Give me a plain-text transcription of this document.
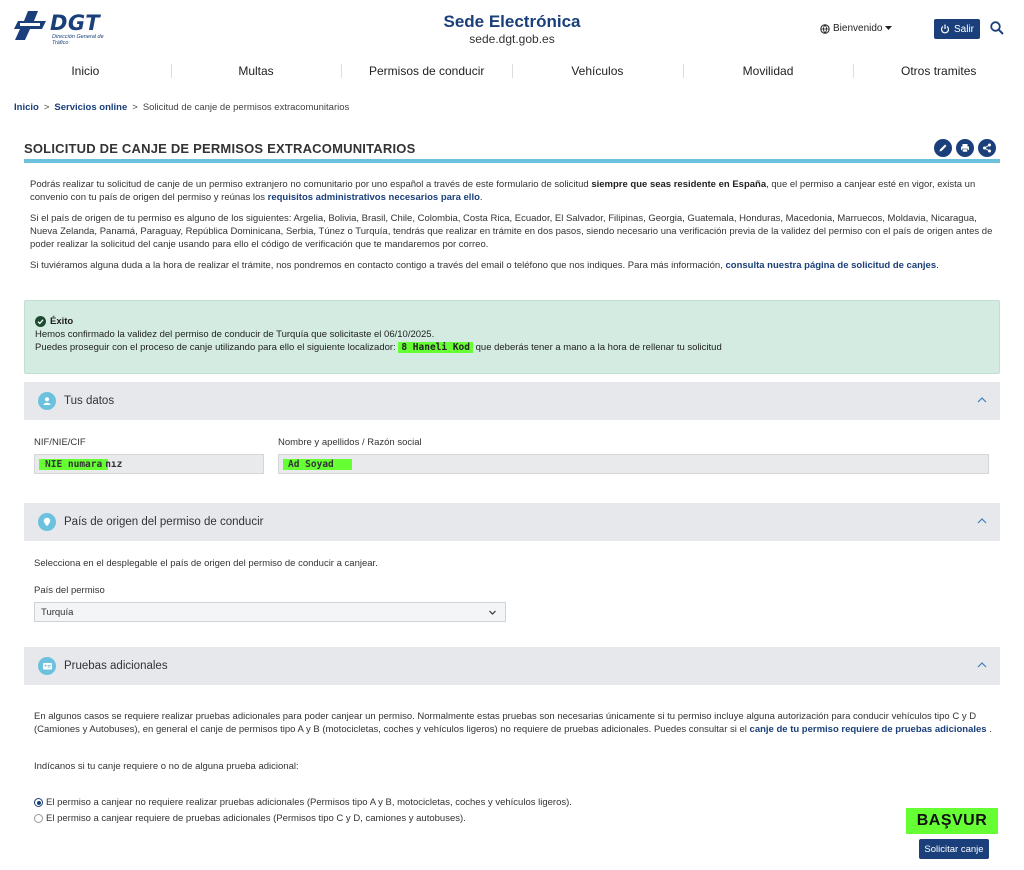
DGT
Dirección General de Tráfico
Sede Electrónica
sede.dgt.gob.es
Bienvenido	Salir
Inicio	Multas	Permisos de conducir	Vehículos	Movilidad	Otros tramites
Inicio > Servicios online > Solicitud de canje de permisos extracomunitarios
SOLICITUD DE CANJE DE PERMISOS EXTRACOMUNITARIOS

Podrás realizar tu solicitud de canje de un permiso extranjero no comunitario por uno español a través de este formulario de solicitud siempre que seas residente en España, que el permiso a canjear esté en vigor, exista un convenio con tu país de origen del permiso y reúnas los requisitos administrativos necesarios para ello.

Si el país de origen de tu permiso es alguno de los siguientes: Argelia, Bolivia, Brasil, Chile, Colombia, Costa Rica, Ecuador, El Salvador, Filipinas, Georgia, Guatemala, Honduras, Macedonia, Marruecos, Moldavia, Nicaragua, Nueva Zelanda, Panamá, Paraguay, República Dominicana, Serbia, Túnez o Turquía, tendrás que realizar en trámite en dos pasos, siendo necesario una verificación previa de la validez del permiso con el país de origen antes de poder realizar la solicitud del canje usando para ello el código de verificación que te mandaremos por correo.

Si tuviéramos alguna duda a la hora de realizar el trámite, nos pondremos en contacto contigo a través del email o teléfono que nos indiques. Para más información, consulta nuestra página de solicitud de canjes.

Éxito
Hemos confirmado la validez del permiso de conducir de Turquía que solicitaste el 06/10/2025.
Puedes proseguir con el proceso de canje utilizando para ello el siguiente localizador: 8 Haneli Kod que deberás tener a mano a la hora de rellenar tu solicitud
Tus datos
NIF/NIE/CIF
NIE numara nız
Nombre y apellidos / Razón social
Ad Soyad
País de origen del permiso de conducir
Selecciona en el desplegable el país de origen del permiso de conducir a canjear.
País del permiso
Turquía
Pruebas adicionales
En algunos casos se requiere realizar pruebas adicionales para poder canjear un permiso. Normalmente estas pruebas son necesarias únicamente si tu permiso incluye alguna autorización para conducir vehículos tipo C y D (Camiones y Autobuses), en general el canje de permisos tipo A y B (motocicletas, coches y vehículos ligeros) no requiere de pruebas adicionales. Puedes consultar si el canje de tu permiso requiere de pruebas adicionales .
Indícanos si tu canje requiere o no de alguna prueba adicional:
El permiso a canjear no requiere realizar pruebas adicionales (Permisos tipo A y B, motocicletas, coches y vehículos ligeros).
El permiso a canjear requiere de pruebas adicionales (Permisos tipo C y D, camiones y autobuses).	BAŞVUR
Solicitar canje
